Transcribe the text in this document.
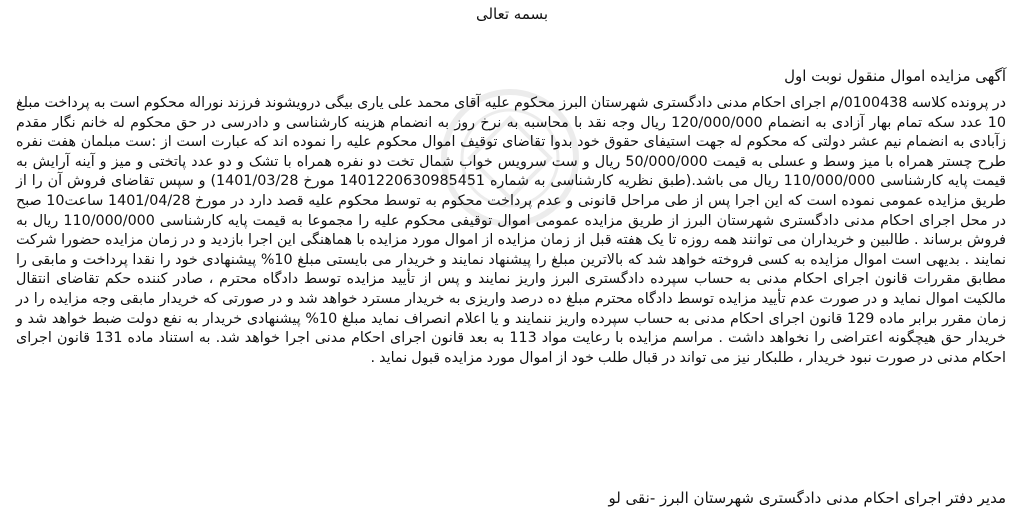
بسمه تعالی
آگهی مزایده اموال منقول نوبت اول
در پرونده کلاسه 0100438/م اجرای احکام مدنی دادگستری شهرستان البرز محکوم علیه آقای محمد علی یاری بیگی درویشوند فرزند نوراله محکوم است به پرداخت مبلغ 10 عدد سکه تمام بهار آزادی به انضمام 120/000/000 ریال وجه نقد با محاسبه به نرخ روز به انضمام هزینه کارشناسی و دادرسی در حق محکوم له خانم نگار مقدم زآبادی به انضمام نیم عشر دولتی که محکوم له جهت استیفای حقوق خود بدوا تقاضای توقیف اموال محکوم علیه را نموده اند که عبارت است از :ست مبلمان هفت نفره طرح چستر همراه با میز وسط و عسلی به قیمت 50/000/000 ریال و ست سرویس خواب شمال تخت دو نفره همراه با تشک و دو عدد پاتختی و میز و آینه آرایش به قیمت پایه کارشناسی 110/000/000 ریال می باشد.(طبق نظریه کارشناسی به شماره 1401220630985451 مورخ 1401/03/28) و سپس تقاضای فروش آن را از طریق مزایده عمومی نموده است که این اجرا پس از طی مراحل قانونی و عدم پرداخت محکوم به توسط محکوم علیه قصد دارد در مورخ 1401/04/28 ساعت10 صبح در محل اجرای احکام مدنی دادگستری شهرستان البرز از طریق مزایده عمومی اموال توقیفی محکوم علیه را مجموعا به قیمت پایه کارشناسی 110/000/000 ریال به فروش برساند . طالبین و خریداران می توانند همه روزه تا یک هفته قبل از زمان مزایده از اموال مورد مزایده با هماهنگی این اجرا بازدید و در زمان مزایده حضورا شرکت نمایند . بدیهی است اموال مزایده به کسی فروخته خواهد شد که بالاترین مبلغ را پیشنهاد نمایند و خریدار می بایستی مبلغ 10% پیشنهادی خود را نقدا پرداخت و مابقی را مطابق مقررات قانون اجرای احکام مدنی به حساب سپرده دادگستری البرز واریز نمایند و پس از تأیید مزایده توسط دادگاه محترم ، صادر کننده حکم تقاضای انتقال مالکیت اموال نماید و در صورت عدم تأیید مزایده توسط دادگاه محترم مبلغ ده درصد واریزی به خریدار مسترد خواهد شد و در صورتی که خریدار مابقی وجه مزایده را در زمان مقرر برابر ماده 129 قانون اجرای احکام مدنی به حساب سپرده واریز ننمایند و یا اعلام انصراف نماید مبلغ 10% پیشنهادی خریدار به نفع دولت ضبط خواهد شد و خریدار حق هیچگونه اعتراضی را نخواهد داشت . مراسم مزایده با رعایت مواد 113 به بعد قانون اجرای احکام مدنی اجرا خواهد شد. به استناد ماده 131 قانون اجرای احکام مدنی در صورت نبود خریدار ، طلبکار نیز می تواند در قبال طلب خود از اموال مورد مزایده قبول نماید .
مدیر دفتر اجرای احکام مدنی دادگستری شهرستان البرز -نقی لو
